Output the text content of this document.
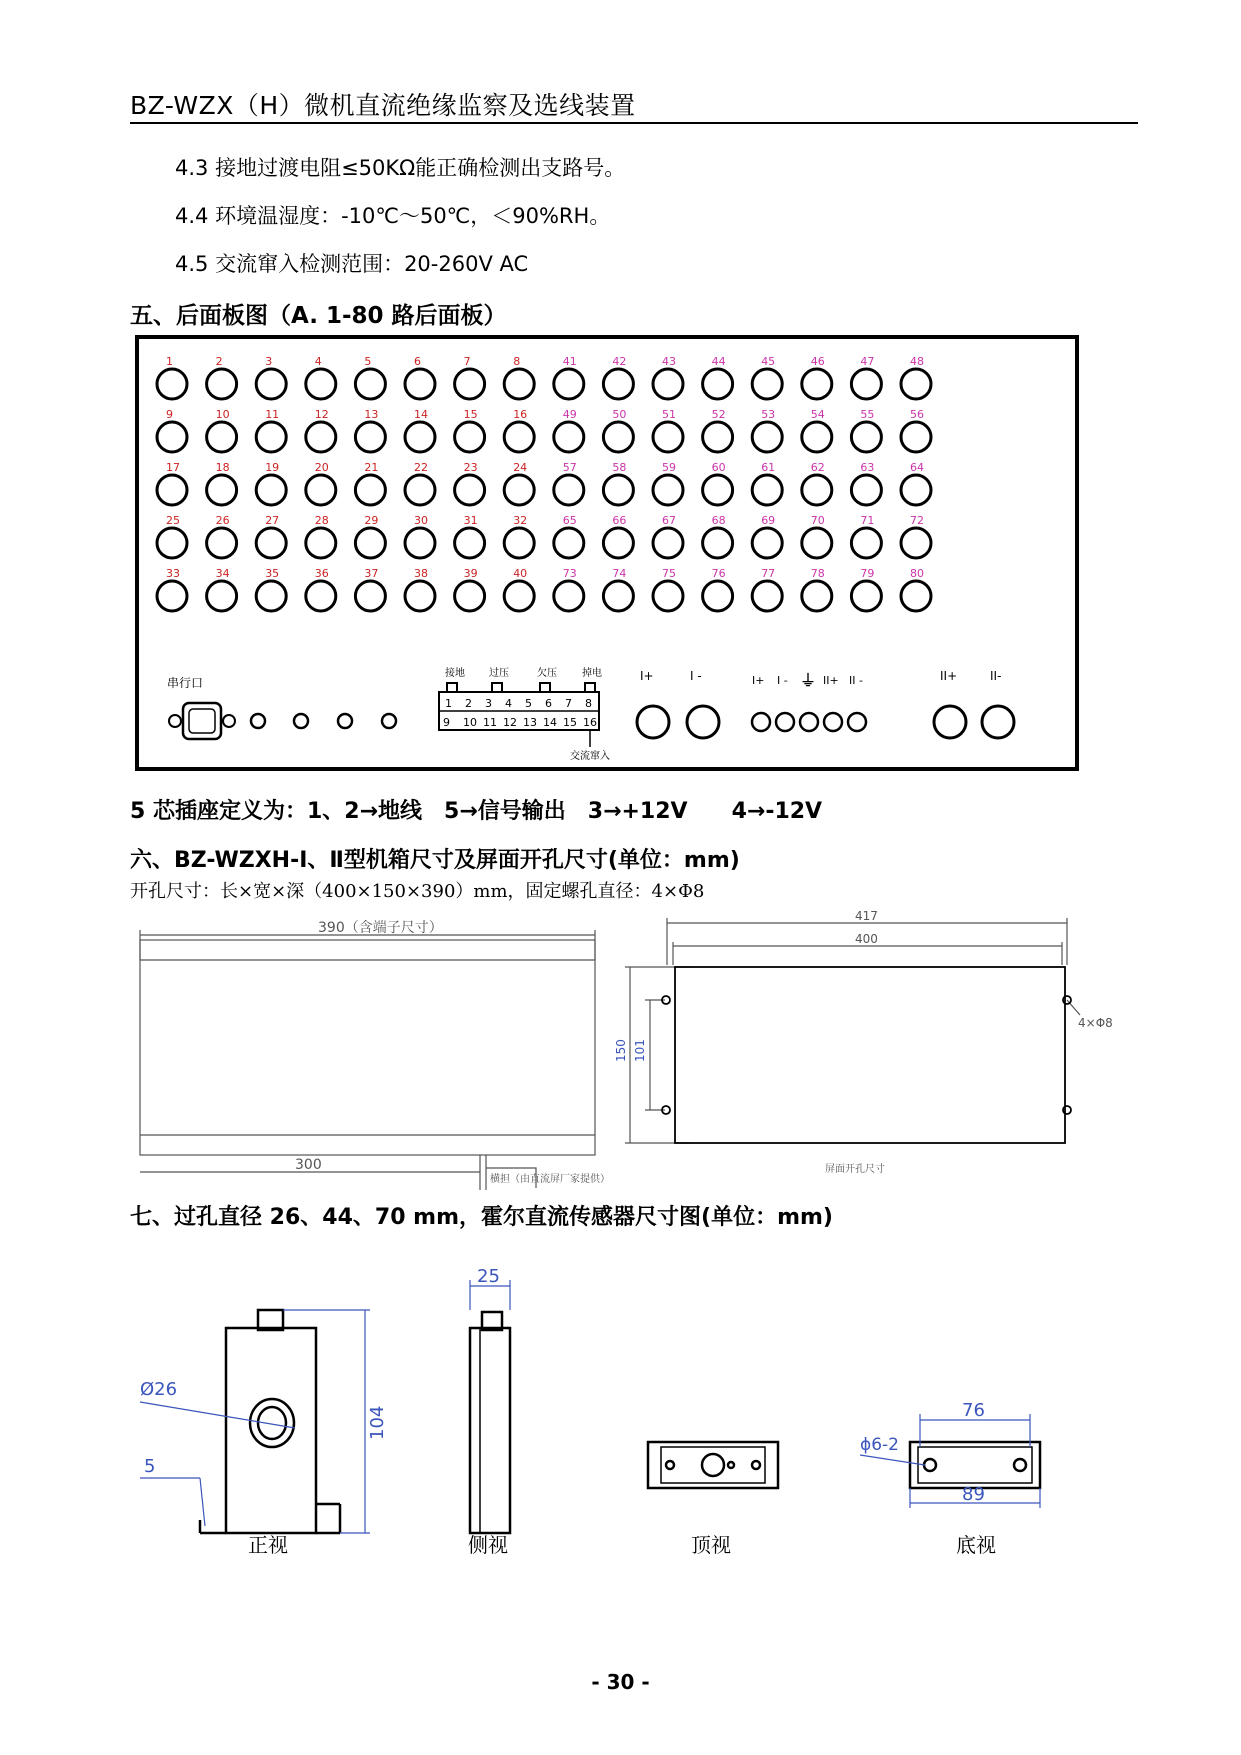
BZ-WZX（H）微机直流绝缘监察及选线装置
4.3 接地过渡电阻≤50KΩ能正确检测出支路号。
4.4 环境温湿度：-10℃～50℃，＜90%RH。
4.5 交流窜入检测范围：20-260V AC
五、后面板图（A. 1-80 路后面板）
1	2	3	4	5	6	7	8	41	42	43	44	45	46	47	48
9	10	11	12	13	14	15	16	49	50	51	52	53	54	55	56
17	18	19	20	21	22	23	24	57	58	59	60	61	62	63	64
25	26	27	28	29	30	31	32	65	66	67	68	69	70	71	72
33	34	35	36	37	38	39	40	73	74	75	76	77	78	79	80
串行口
接地 过压	欠压	掉电
1 2 3 4 5 6 7 8
9 10 11 12 13 14 15 16
交流窜入
I+	I -	I+ I - ⏚ II+ II -	II+	II-
5 芯插座定义为：1、2→地线　5→信号输出　3→+12V　　4→-12V
六、BZ-WZXH-Ⅰ、Ⅱ型机箱尺寸及屏面开孔尺寸(单位：mm)
开孔尺寸：长×宽×深（400×150×390）mm，固定螺孔直径：4×Φ8
390（含端子尺寸）
300
横担（由直流屏厂家提供）
417
400
150 101
4×Φ8
屏面开孔尺寸
七、过孔直径 26、44、70 mm，霍尔直流传感器尺寸图(单位：mm)
Ø26
5
104
正视
25
侧视	顶视
76
89
ϕ6-2
底视
- 30 -
